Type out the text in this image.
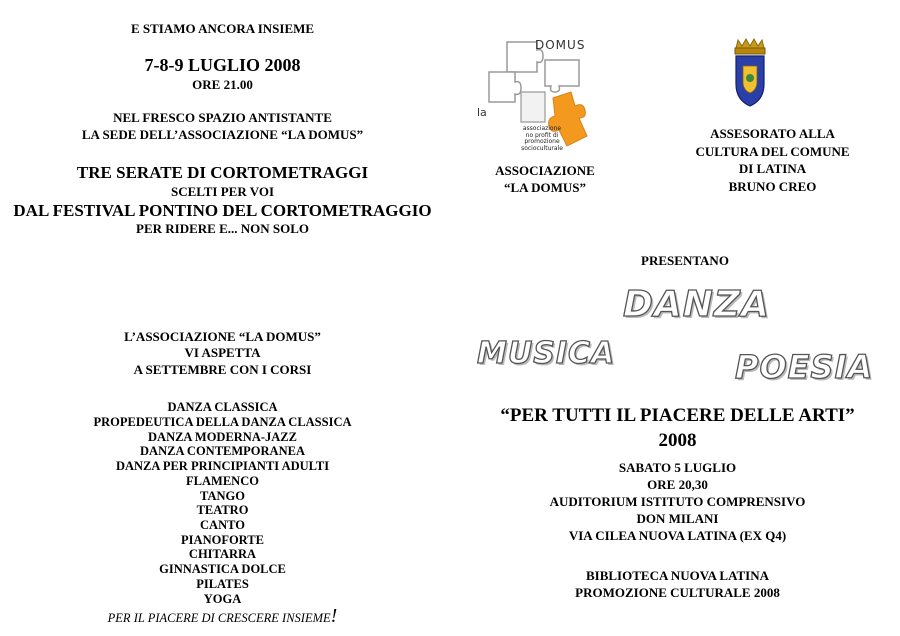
E STIAMO ANCORA INSIEME
7-8-9 LUGLIO 2008
ORE 21.00
NEL FRESCO SPAZIO ANTISTANTE
LA SEDE DELL’ASSOCIAZIONE “LA DOMUS”
TRE SERATE DI CORTOMETRAGGI
SCELTI PER VOI
DAL FESTIVAL PONTINO DEL CORTOMETRAGGIO
PER RIDERE E... NON SOLO
L’ASSOCIAZIONE “LA DOMUS”
VI ASPETTA
A SETTEMBRE CON I CORSI
DANZA CLASSICA
PROPEDEUTICA DELLA DANZA CLASSICA
DANZA MODERNA-JAZZ
DANZA CONTEMPORANEA
DANZA PER PRINCIPIANTI ADULTI
FLAMENCO
TANGO
TEATRO
CANTO
PIANOFORTE
CHITARRA
GINNASTICA DOLCE
PILATES
YOGA
PER IL PIACERE DI CRESCERE INSIEME!
DOMUS
la
associazione
no profit di
promozione
socioculturale
ASSOCIAZIONE
“LA DOMUS”
ASSESORATO ALLA
CULTURA DEL COMUNE
DI LATINA
BRUNO CREO
PRESENTANO
DANZA
MUSICA	POESIA
“PER TUTTI IL PIACERE DELLE ARTI”
2008
SABATO 5 LUGLIO
ORE 20,30
AUDITORIUM ISTITUTO COMPRENSIVO
DON MILANI
VIA CILEA NUOVA LATINA (EX Q4)
BIBLIOTECA NUOVA LATINA
PROMOZIONE CULTURALE 2008
